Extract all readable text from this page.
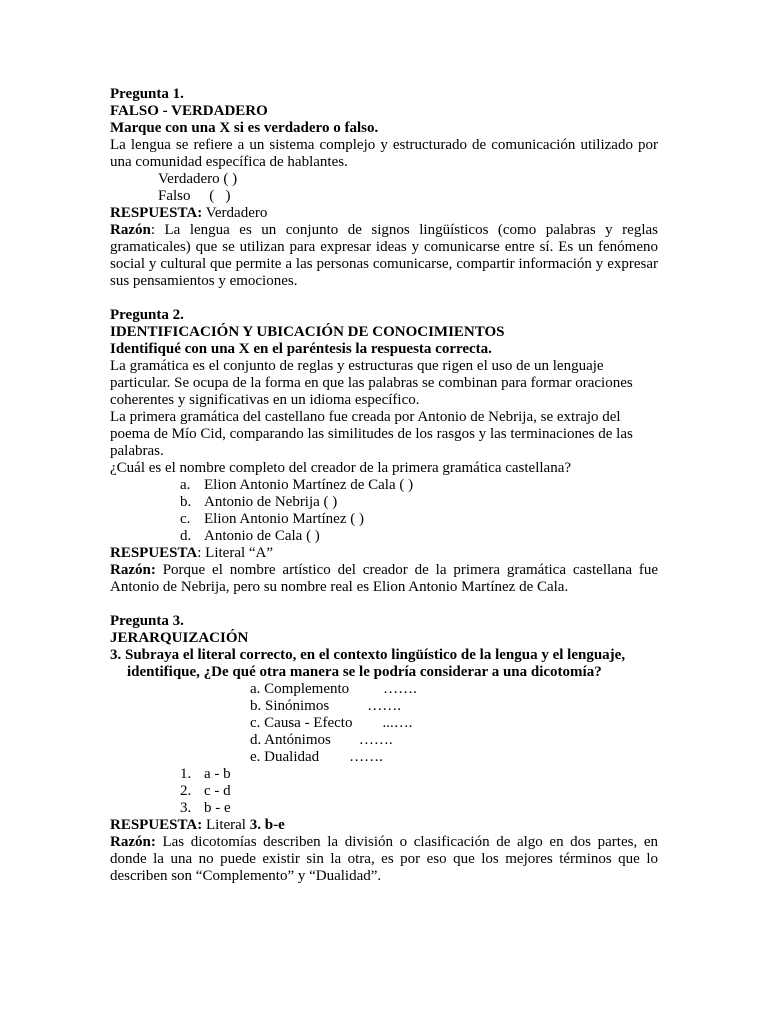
Pregunta 1.
FALSO - VERDADERO
Marque con una X si es verdadero o falso.
La lengua se refiere a un sistema complejo y estructurado de comunicación utilizado por una comunidad específica de hablantes.
Verdadero ( )
Falso     (   )
RESPUESTA: Verdadero
Razón: La lengua es un conjunto de signos lingüísticos (como palabras y reglas gramaticales) que se utilizan para expresar ideas y comunicarse entre sí. Es un fenómeno social y cultural que permite a las personas comunicarse, compartir información y expresar sus pensamientos y emociones.
Pregunta 2.
IDENTIFICACIÓN Y UBICACIÓN DE CONOCIMIENTOS
Identifiqué con una X en el paréntesis la respuesta correcta.
La gramática es el conjunto de reglas y estructuras que rigen el uso de un lenguaje particular. Se ocupa de la forma en que las palabras se combinan para formar oraciones coherentes y significativas en un idioma específico.
La primera gramática del castellano fue creada por Antonio de Nebrija, se extrajo del poema de Mío Cid, comparando las similitudes de los rasgos y las terminaciones de las palabras.
¿Cuál es el nombre completo del creador de la primera gramática castellana?
a. Elion Antonio Martínez de Cala ( )
b. Antonio de Nebrija ( )
c. Elion Antonio Martínez ( )
d. Antonio de Cala ( )
RESPUESTA: Literal “A”
Razón: Porque el nombre artístico del creador de la primera gramática castellana fue Antonio de Nebrija, pero su nombre real es Elion Antonio Martínez de Cala.
Pregunta 3.
JERARQUIZACIÓN
3. Subraya el literal correcto, en el contexto lingüístico de la lengua y el lenguaje, identifique, ¿De qué otra manera se le podría considerar a una dicotomía?
a. Complemento …….
b. Sinónimos	…….
c. Causa - Efecto ...….
d. Antónimos …….
e. Dualidad …….
1. a - b
2. c - d
3. b - e
RESPUESTA: Literal 3. b-e
Razón: Las dicotomías describen la división o clasificación de algo en dos partes, en donde la una no puede existir sin la otra, es por eso que los mejores términos que lo describen son “Complemento” y “Dualidad”.
